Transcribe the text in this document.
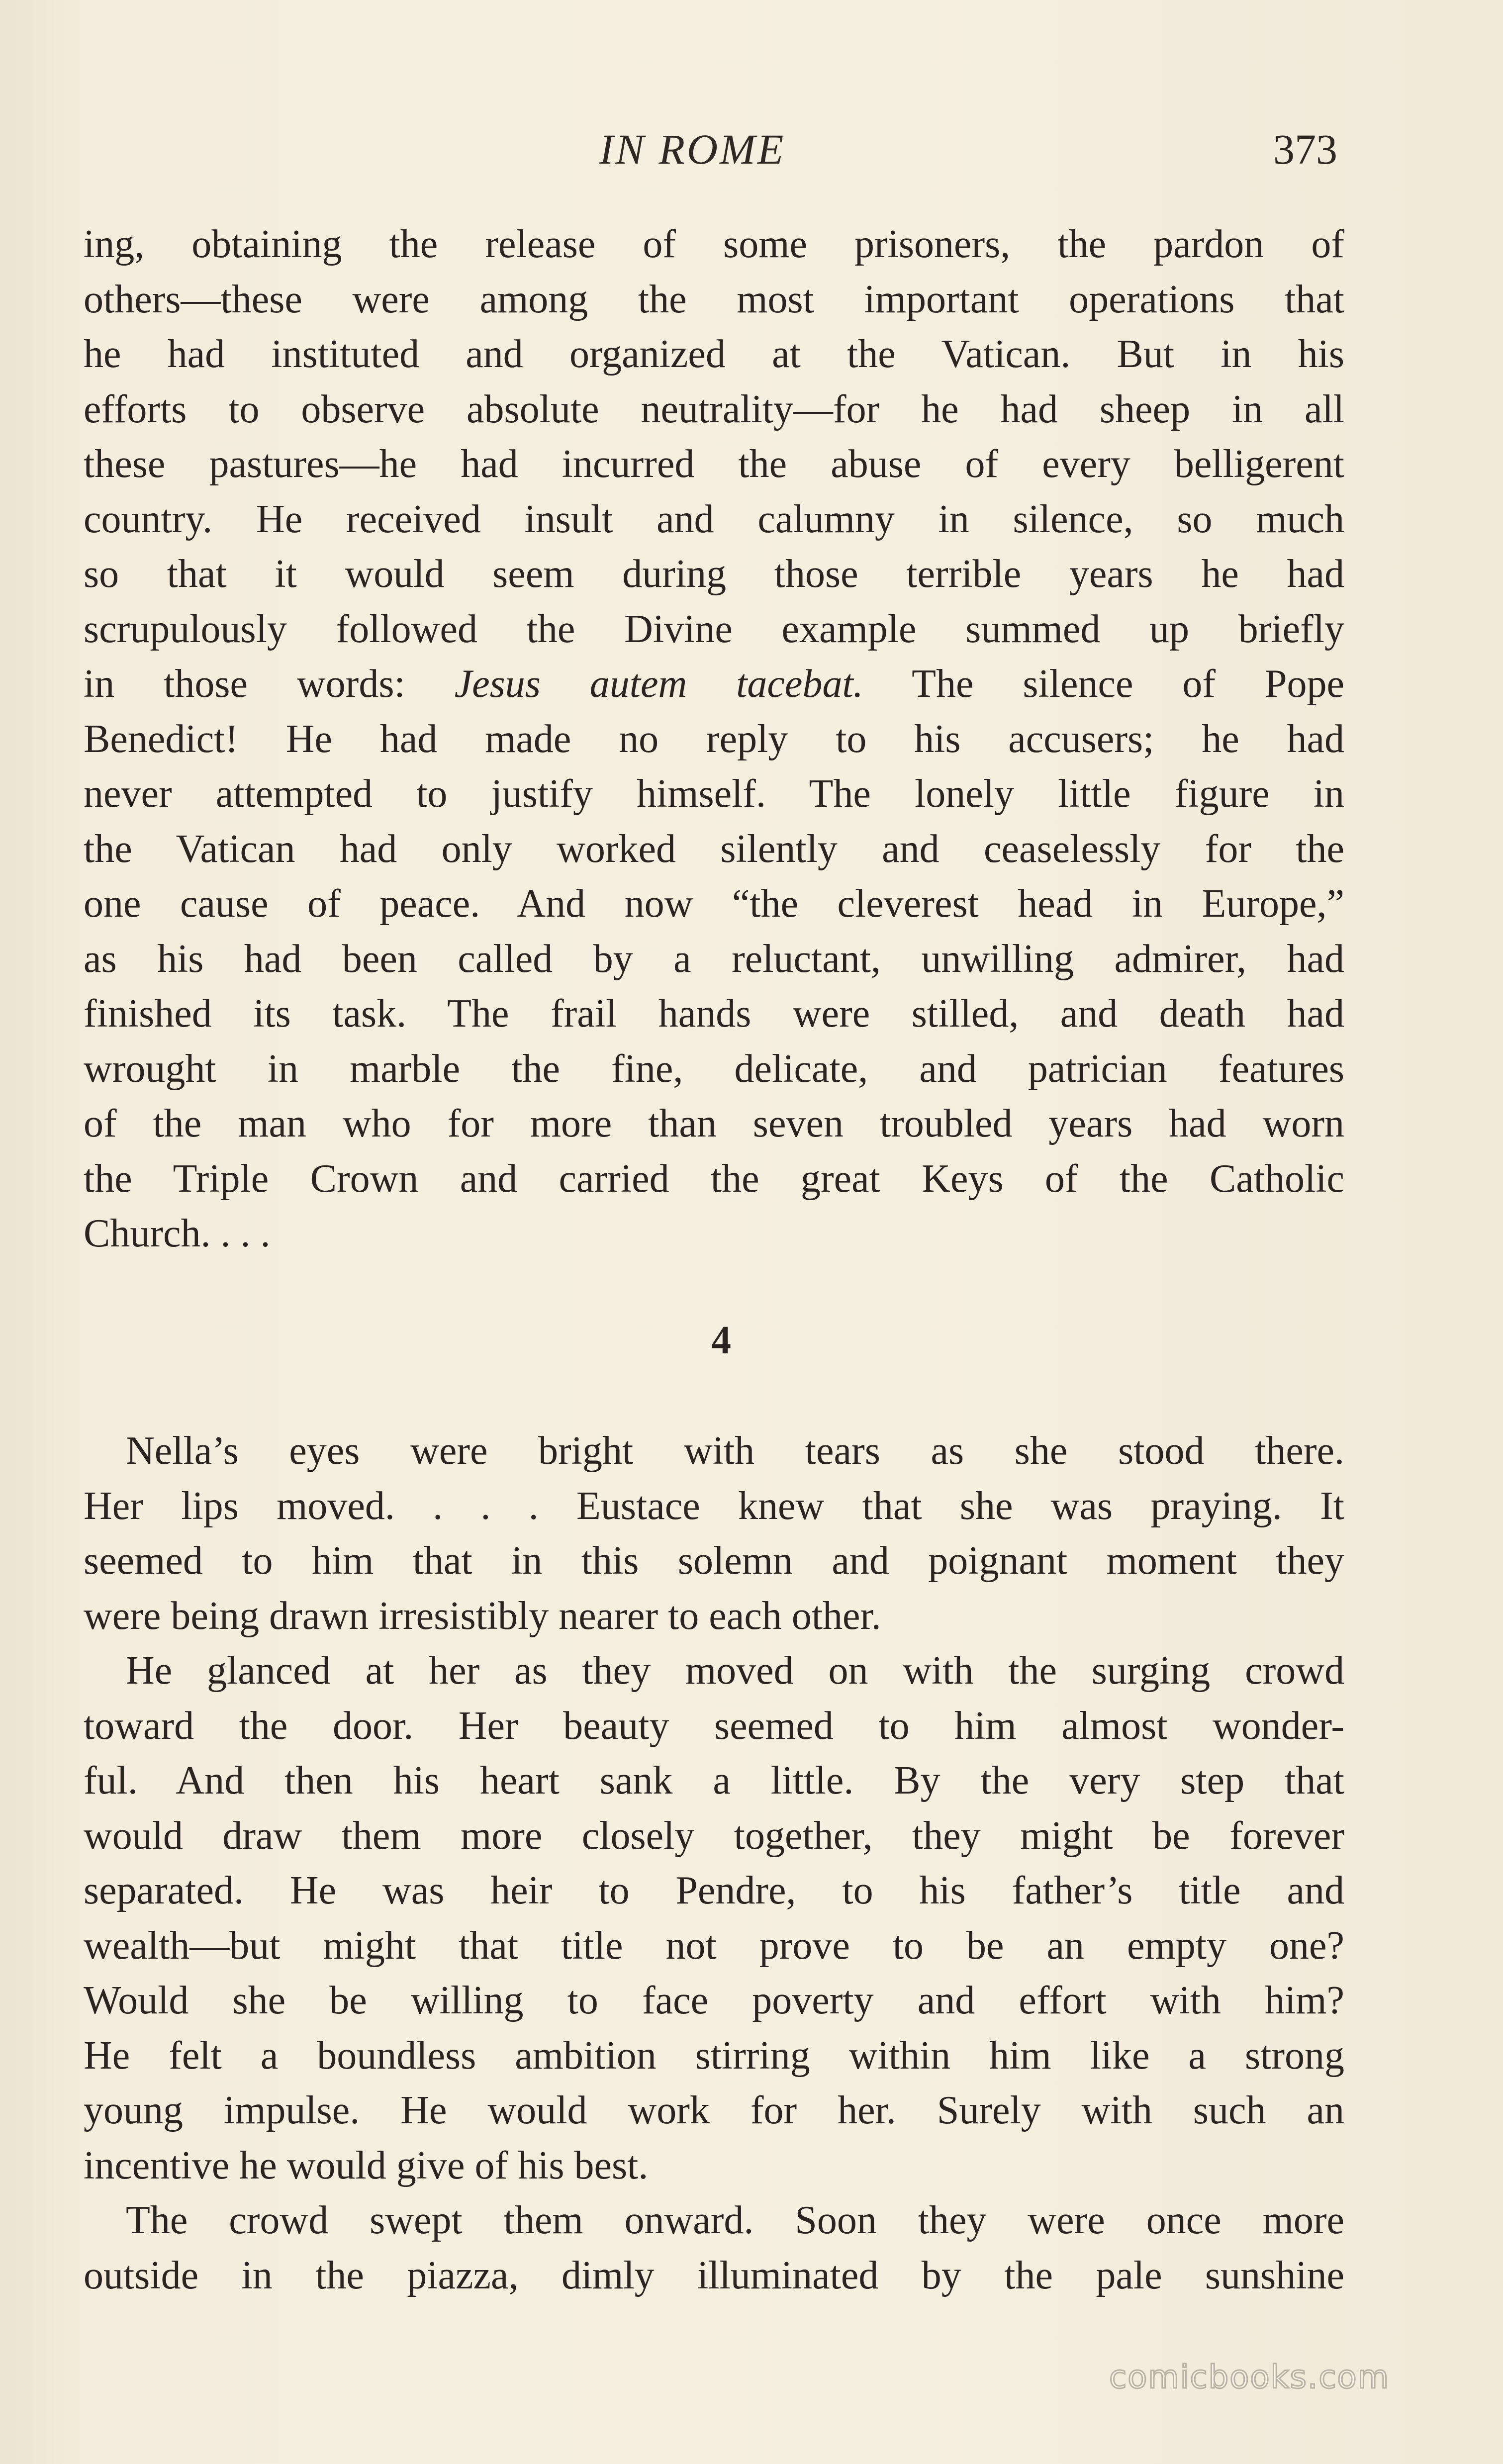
IN ROME	373
ing, obtaining the release of some prisoners, the pardon of
others—these were among the most important operations that
he had instituted and organized at the Vatican. But in his
efforts to observe absolute neutrality—for he had sheep in all
these pastures—he had incurred the abuse of every belligerent
country. He received insult and calumny in silence, so much
so that it would seem during those terrible years he had
scrupulously followed the Divine example summed up briefly
in those words: Jesus autem tacebat. The silence of Pope
Benedict! He had made no reply to his accusers; he had
never attempted to justify himself. The lonely little figure in
the Vatican had only worked silently and ceaselessly for the
one cause of peace. And now “the cleverest head in Europe,”
as his had been called by a reluctant, unwilling admirer, had
finished its task. The frail hands were stilled, and death had
wrought in marble the fine, delicate, and patrician features
of the man who for more than seven troubled years had worn
the Triple Crown and carried the great Keys of the Catholic
Church. . . .
4
Nella’s eyes were bright with tears as she stood there.
Her lips moved. . . . Eustace knew that she was praying. It
seemed to him that in this solemn and poignant moment they
were being drawn irresistibly nearer to each other.
He glanced at her as they moved on with the surging crowd
toward the door. Her beauty seemed to him almost wonder-
ful. And then his heart sank a little. By the very step that
would draw them more closely together, they might be forever
separated. He was heir to Pendre, to his father’s title and
wealth—but might that title not prove to be an empty one?
Would she be willing to face poverty and effort with him?
He felt a boundless ambition stirring within him like a strong
young impulse. He would work for her. Surely with such an
incentive he would give of his best.
The crowd swept them onward. Soon they were once more
outside in the piazza, dimly illuminated by the pale sunshine
comicbooks.com
